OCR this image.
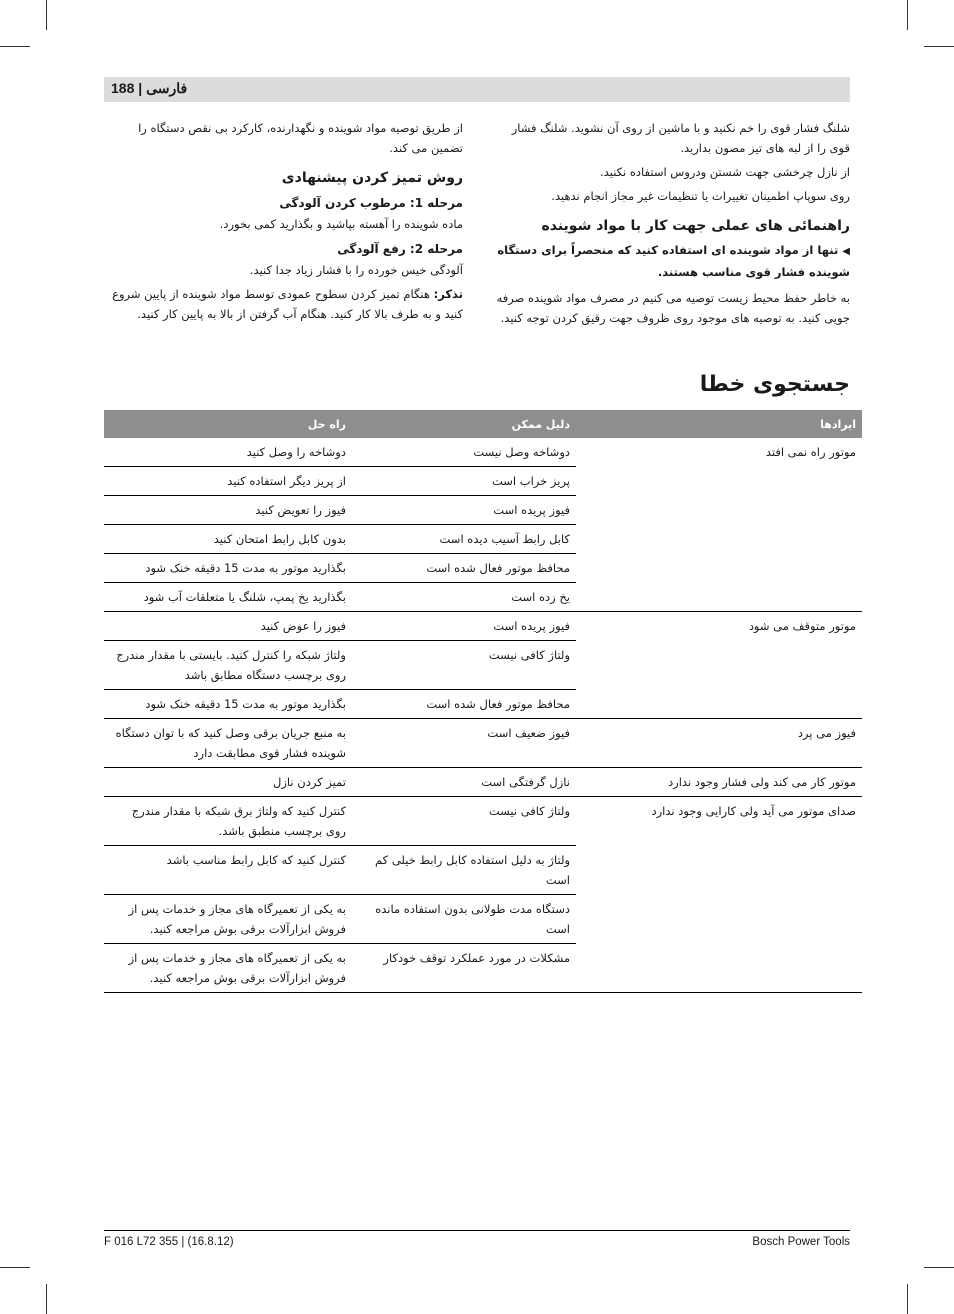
188 | فارسی

شلنگ فشار قوی را خم نکنید و با ماشین از روی آن نشوید. شلنگ فشار قوی را از لبه های تیز مصون بدارید.

از نازل چرخشی جهت شستن ودروس استفاده نکنید.

روی سوپاپ اطمینان تغییرات یا تنظیمات غیر مجاز انجام ندهید.

راهنمائی های عملی جهت کار با مواد شوینده
◀تنها از مواد شوینده ای استفاده کنید که منحصراً برای دستگاه شوینده فشار قوی مناسب هستند.

به خاطر حفظ محیط زیست توصیه می کنیم در مصرف مواد شوینده صرفه جویی کنید. به توصیه های موجود روی ظروف جهت رقیق کردن توجه کنید.

از طریق توصیه مواد شوینده و نگهدارنده، کارکرد بی نقص دستگاه را تضمین می کند.

روش تمیز کردن پیشنهادی
مرحله 1: مرطوب کردن آلودگی

ماده شوینده را آهسته بپاشید و بگذارید کمی بخورد.

مرحله 2: رفع آلودگی

آلودگی خیس خورده را با فشار زیاد جدا کنید.

تذکر: هنگام تمیز کردن سطوح عمودی توسط مواد شوینده از پایین شروع کنید و به طرف بالا کار کنید. هنگام آب گرفتن از بالا به پایین کار کنید.

جستجوی خطا
ایرادها	دلیل ممکن	راه حل
موتور راه نمی افتد	دوشاخه وصل نیست	دوشاخه را وصل کنید
	پریز خراب است	از پریز دیگر استفاده کنید
	فیوز پریده است	فیوز را تعویض کنید
	کابل رابط آسیب دیده است	بدون کابل رابط امتحان کنید
	محافظ موتور فعال شده است	بگذارید موتور به مدت 15 دقیقه خنک شود
	یخ زده است	بگذارید یخ پمپ، شلنگ یا متعلقات آب شود
موتور متوقف می شود	فیوز پریده است	فیوز را عوض کنید
	ولتاژ کافی نیست	ولتاژ شبکه را کنترل کنید. بایستی با مقدار مندرج روی برچسب دستگاه مطابق باشد
	محافظ موتور فعال شده است	بگذارید موتور به مدت 15 دقیقه خنک شود
فیوز می پرد	فیوز ضعیف است	به منبع جریان برقی وصل کنید که با توان دستگاه شوینده فشار قوی مطابقت دارد
موتور کار می کند ولی فشار وجود ندارد	نازل گرفتگی است	تمیز کردن نازل
صدای موتور می آید ولی کارایی وجود ندارد	ولتاژ کافی نیست	کنترل کنید که ولتاژ برق شبکه با مقدار مندرج روی برچسب منطبق باشد.
	ولتاژ به دلیل استفاده کابل رابط خیلی کم است	کنترل کنید که کابل رابط مناسب باشد
	دستگاه مدت طولانی بدون استفاده مانده است	به یکی از تعمیرگاه های مجاز و خدمات پس از فروش ابزارآلات برقی بوش مراجعه کنید.
	مشکلات در مورد عملکرد توقف خودکار	به یکی از تعمیرگاه های مجاز و خدمات پس از فروش ابزارآلات برقی بوش مراجعه کنید.
F 016 L72 355 | (16.8.12)	Bosch Power Tools
